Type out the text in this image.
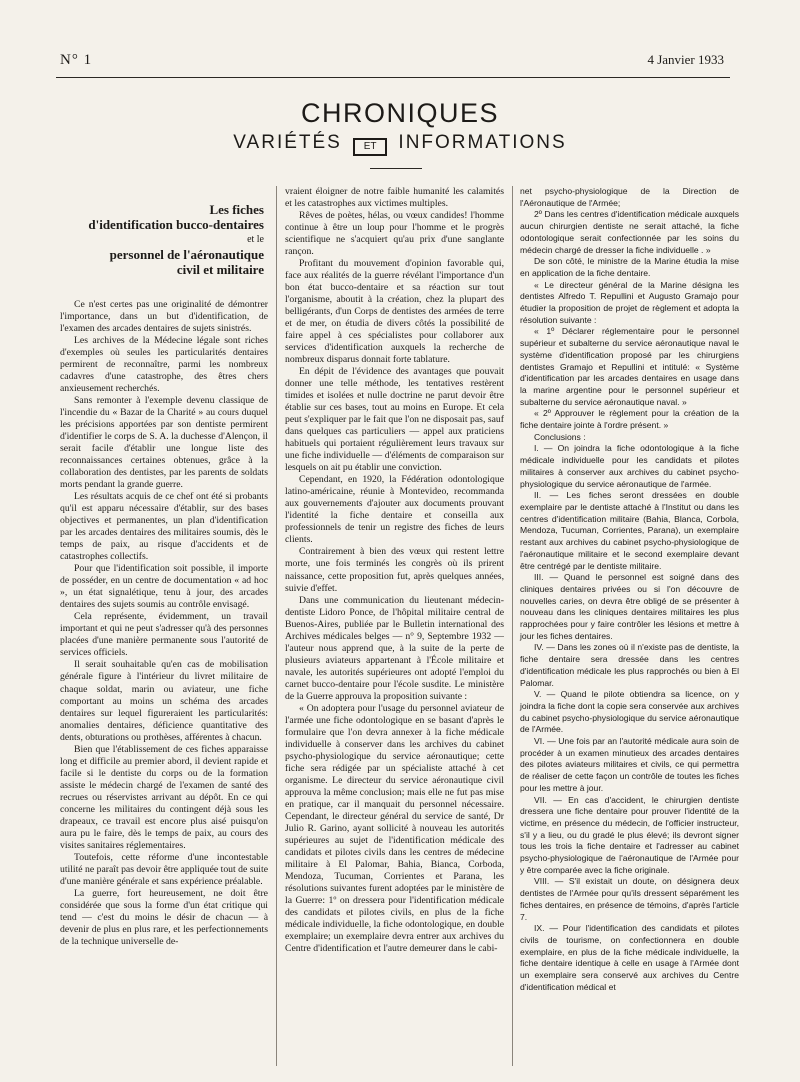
N° 1	4 Janvier 1933
CHRONIQUES
VARIÉTÉS ET INFORMATIONS
Les fiches
d'identification bucco-dentaires
et le
personnel de l'aéronautique
civil et militaire

Ce n'est certes pas une originalité de démontrer l'importance, dans un but d'identification, de l'examen des arcades dentaires de sujets sinistrés.

Les archives de la Médecine légale sont riches d'exemples où seules les particularités dentaires permirent de reconnaître, parmi les nombreux cadavres d'une catastrophe, des êtres chers anxieusement recherchés.

Sans remonter à l'exemple devenu classique de l'incendie du « Bazar de la Charité » au cours duquel les précisions apportées par son dentiste permirent d'identifier le corps de S. A. la duchesse d'Alençon, il serait facile d'établir une longue liste des reconnaissances certaines obtenues, grâce à la collaboration des dentistes, par les parents de soldats morts pendant la grande guerre.

Les résultats acquis de ce chef ont été si probants qu'il est apparu nécessaire d'établir, sur des bases objectives et permanentes, un plan d'identification par les arcades dentaires des militaires soumis, dès le temps de paix, au risque d'accidents et de catastrophes collectifs.

Pour que l'identification soit possible, il importe de posséder, en un centre de documentation « ad hoc », un état signalétique, tenu à jour, des arcades dentaires des sujets soumis au contrôle envisagé.

Cela représente, évidemment, un travail important et qui ne peut s'adresser qu'à des personnes placées d'une manière permanente sous l'autorité de services officiels.

Il serait souhaitable qu'en cas de mobilisation générale figure à l'intérieur du livret militaire de chaque soldat, marin ou aviateur, une fiche comportant au moins un schéma des arcades dentaires sur lequel figureraient les particularités: anomalies dentaires, déficience quantitative des dents, obturations ou prothèses, afférentes à chacun.

Bien que l'établissement de ces fiches apparaisse long et difficile au premier abord, il devient rapide et facile si le dentiste du corps ou de la formation assiste le médecin chargé de l'examen de santé des recrues ou réservistes arrivant au dépôt. En ce qui concerne les militaires du contingent déjà sous les drapeaux, ce travail est encore plus aisé puisqu'on aura pu le faire, dès le temps de paix, au cours des visites sanitaires réglementaires.

Toutefois, cette réforme d'une incontestable utilité ne paraît pas devoir être appliquée tout de suite d'une manière générale et sans expérience préalable.

La guerre, fort heureusement, ne doit être considérée que sous la forme d'un état critique qui tend — c'est du moins le désir de chacun — à devenir de plus en plus rare, et les perfectionnements de la technique universelle de-

vraient éloigner de notre faible humanité les calamités et les catastrophes aux victimes multiples.

Rêves de poètes, hélas, ou vœux candides! l'homme continue à être un loup pour l'homme et le progrès scientifique ne s'acquiert qu'au prix d'une sanglante rançon.

Profitant du mouvement d'opinion favorable qui, face aux réalités de la guerre révélant l'importance d'un bon état bucco-dentaire et sa réaction sur tout l'organisme, aboutit à la création, chez la plupart des belligérants, d'un Corps de dentistes des armées de terre et de mer, on étudia de divers côtés la possibilité de faire appel à ces spécialistes pour collaborer aux services d'identification auxquels la recherche de nombreux disparus donnait forte tablature.

En dépit de l'évidence des avantages que pouvait donner une telle méthode, les tentatives restèrent timides et isolées et nulle doctrine ne parut devoir être établie sur ces bases, tout au moins en Europe. Et cela peut s'expliquer par le fait que l'on ne disposait pas, sauf dans quelques cas particuliers — appel aux praticiens habituels qui portaient régulièrement leurs travaux sur une fiche individuelle — d'éléments de comparaison sur lesquels on ait pu établir une conviction.

Cependant, en 1920, la Fédération odontologique latino-américaine, réunie à Montevideo, recommanda aux gouvernements d'ajouter aux documents prouvant l'identité la fiche dentaire et conseilla aux professionnels de tenir un registre des fiches de leurs clients.

Contrairement à bien des vœux qui restent lettre morte, une fois terminés les congrès où ils prirent naissance, cette proposition fut, après quelques années, suivie d'effet.

Dans une communication du lieutenant médecin-dentiste Lidoro Ponce, de l'hôpital militaire central de Buenos-Aires, publiée par le Bulletin international des Archives médicales belges — n° 9, Septembre 1932 — l'auteur nous apprend que, à la suite de la perte de plusieurs aviateurs appartenant à l'École militaire et navale, les autorités supérieures ont adopté l'emploi du carnet bucco-dentaire pour l'école susdite. Le ministère de la Guerre approuva la proposition suivante :

« On adoptera pour l'usage du personnel aviateur de l'armée une fiche odontologique en se basant d'après le formulaire que l'on devra annexer à la fiche médicale individuelle à conserver dans les archives du cabinet psycho-physiologique du service aéronautique; cette fiche sera rédigée par un spécialiste attaché à cet organisme. Le directeur du service aéronautique civil approuva la même conclusion; mais elle ne fut pas mise en pratique, car il manquait du personnel nécessaire. Cependant, le directeur général du service de santé, Dr Julio R. Garino, ayant sollicité à nouveau les autorités supérieures au sujet de l'identification médicale des candidats et pilotes civils dans les centres de médecine militaire à El Palomar, Bahia, Bianca, Corboda, Mendoza, Tucuman, Corrientes et Parana, les résolutions suivantes furent adoptées par le ministère de la Guerre: 1º on dressera pour l'identification médicale des candidats et pilotes civils, en plus de la fiche médicale individuelle, la fiche odontologique, en double exemplaire; un exemplaire devra entrer aux archives du Centre d'identification et l'autre demeurer dans le cabi-

net psycho-physiologique de la Direction de l'Aéronautique de l'Armée;

2º Dans les centres d'identification médicale auxquels aucun chirurgien dentiste ne serait attaché, la fiche odontologique serait confectionnée par les soins du médecin chargé de dresser la fiche individuelle . »

De son côté, le ministre de la Marine étudia la mise en application de la fiche dentaire.

« Le directeur général de la Marine désigna les dentistes Alfredo T. Repullini et Augusto Gramajo pour étudier la proposition de projet de règlement et adopta la résolution suivante :

« 1º Déclarer réglementaire pour le personnel supérieur et subalterne du service aéronautique naval le système d'identification proposé par les chirurgiens dentistes Gramajo et Repullini et intitulé: « Système d'identification par les arcades dentaires en usage dans la marine argentine pour le personnel supérieur et subalterne du service aéronautique naval. »

« 2º Approuver le règlement pour la création de la fiche dentaire jointe à l'ordre présent. »

Conclusions :

I. — On joindra la fiche odontologique à la fiche médicale individuelle pour les candidats et pilotes militaires à conserver aux archives du cabinet psycho-physiologique du service aéronautique de l'armée.

II. — Les fiches seront dressées en double exemplaire par le dentiste attaché à l'Institut ou dans les centres d'identification militaire (Bahia, Blanca, Corbola, Mendoza, Tucuman, Corrientes, Parana), un exemplaire restant aux archives du cabinet psycho-physiologique de l'aéronautique militaire et le second exemplaire devant être centrégé par le dentiste militaire.

III. — Quand le personnel est soigné dans des cliniques dentaires privées ou si l'on découvre de nouvelles caries, on devra être obligé de se présenter à nouveau dans les cliniques dentaires militaires les plus rapprochées pour y faire contrôler les lésions et mettre à jour les fiches dentaires.

IV. — Dans les zones où il n'existe pas de dentiste, la fiche dentaire sera dressée dans les centres d'identification médicale les plus rapprochés ou bien à El Palomar.

V. — Quand le pilote obtiendra sa licence, on y joindra la fiche dont la copie sera conservée aux archives du cabinet psycho-physiologique du service aéronautique de l'Armée.

VI. — Une fois par an l'autorité médicale aura soin de procéder à un examen minutieux des arcades dentaires des pilotes aviateurs militaires et civils, ce qui permettra de réaliser de cette façon un contrôle de toutes les fiches pour les mettre à jour.

VII. — En cas d'accident, le chirurgien dentiste dressera une fiche dentaire pour prouver l'identité de la victime, en présence du médecin, de l'officier instructeur, s'il y a lieu, ou du gradé le plus élevé; ils devront signer tous les trois la fiche dentaire et l'adresser au cabinet psycho-physiologique de l'aéronautique de l'Armée pour y être comparée avec la fiche originale.

VIII. — S'il existait un doute, on désignera deux dentistes de l'Armée pour qu'ils dressent séparément les fiches dentaires, en présence de témoins, d'après l'article 7.

IX. — Pour l'identification des candidats et pilotes civils de tourisme, on confectionnera en double exemplaire, en plus de la fiche médicale individuelle, la fiche dentaire identique à celle en usage à l'Armée dont un exemplaire sera conservé aux archives du Centre d'identification médical et
